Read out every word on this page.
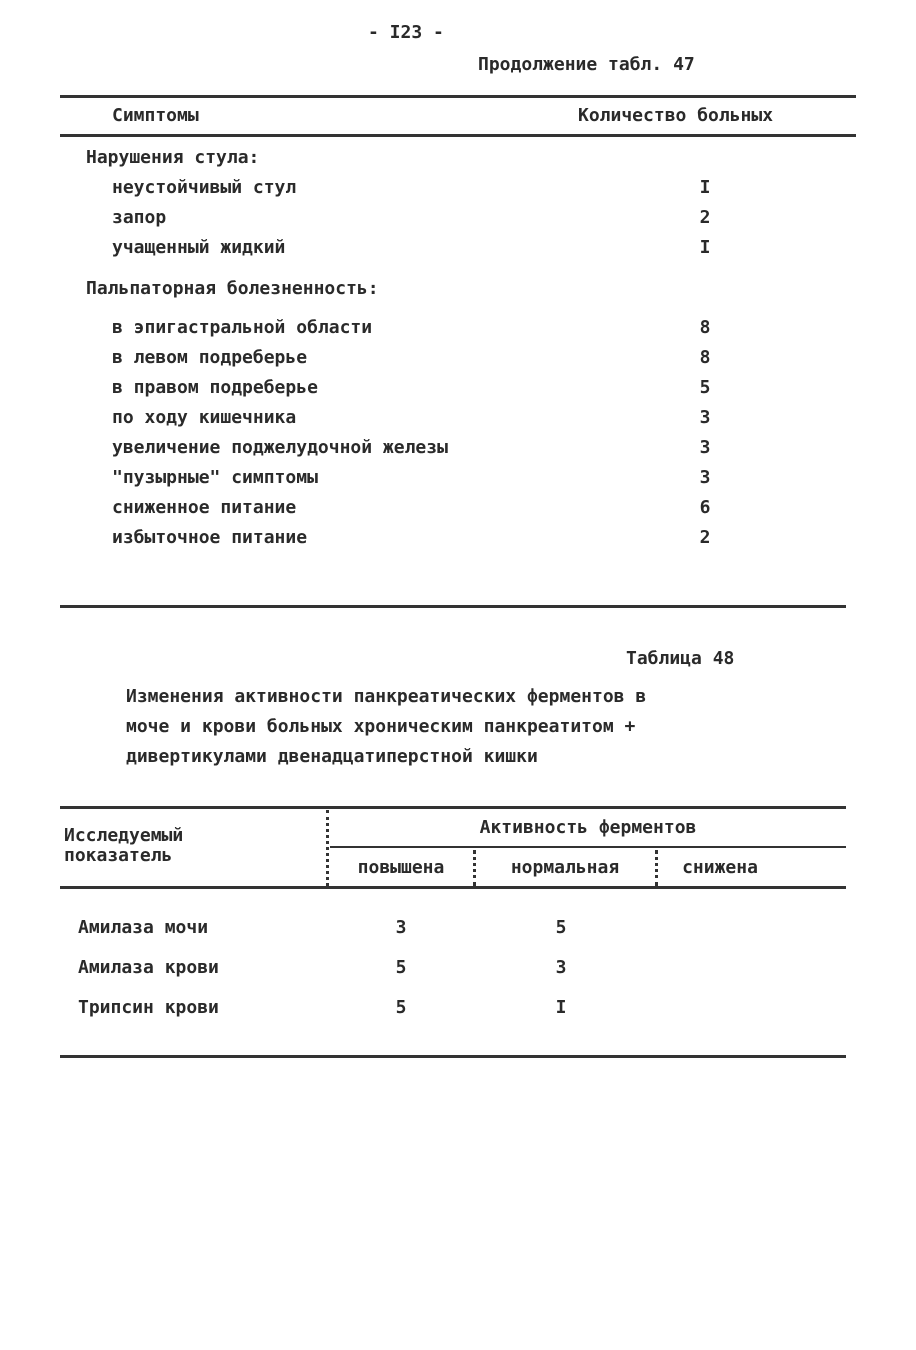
- I23 -
Продолжение табл. 47
Симптомы	Количество больных
Нарушения стула:
неустойчивый стул	I
запор	2
учащенный жидкий	I
Пальпаторная болезненность:
в эпигастральной области	8
в левом подреберье	8
в правом подреберье	5
по ходу кишечника	3
увеличение поджелудочной железы	3
"пузырные" симптомы	3
сниженное питание	6
избыточное питание	2
Таблица 48
Изменения активности панкреатических ферментов в
моче и крови больных хроническим панкреатитом +
дивертикулами двенадцатиперстной кишки
Исследуемый
показатель
Активность ферментов
повышена	нормальная	снижена
Амилаза мочи	3	5
Амилаза крови	5	3
Трипсин крови	5	I
